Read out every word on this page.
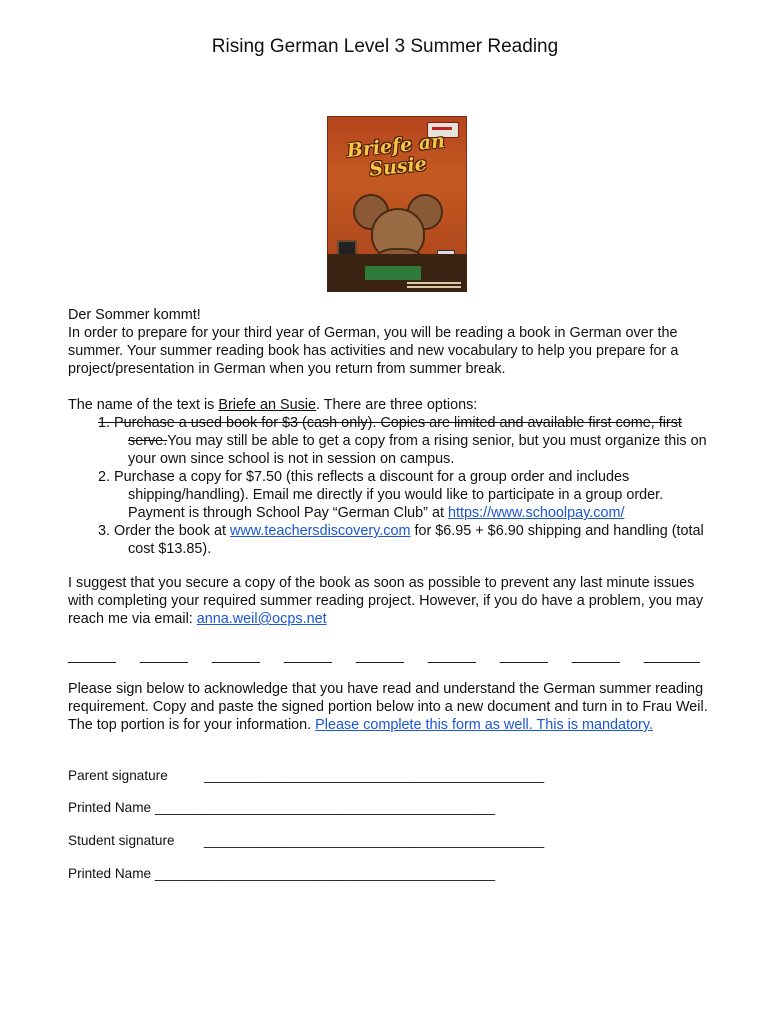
Rising German Level 3 Summer Reading
Briefe an Susie

Der Sommer kommt!

In order to prepare for your third year of German, you will be reading a book in German over the summer. Your summer reading book has activities and new vocabulary to help you prepare for a project/presentation in German when you return from summer break.

The name of the text is Briefe an Susie. There are three options:

1. Purchase a used book for $3 (cash only). Copies are limited and available first come, first serve.You may still be able to get a copy from a rising senior, but you must organize this on your own since school is not in session on campus.
2. Purchase a copy for $7.50 (this reflects a discount for a group order and includes shipping/handling). Email me directly if you would like to participate in a group order. Payment is through School Pay “German Club” at https://www.schoolpay.com/
3. Order the book at www.teachersdiscovery.com for $6.95 + $6.90 shipping and handling (total cost $13.85).

I suggest that you secure a copy of the book as soon as possible to prevent any last minute issues with completing your required summer reading project. However, if you do have a problem, you may reach me via email: anna.weil@ocps.net

______ ______ ______ ______ ______ ______ ______ ______ _______

Please sign below to acknowledge that you have read and understand the German summer reading requirement. Copy and paste the signed portion below into a new document and turn in to Frau Weil. The top portion is for your information. Please complete this form as well. This is mandatory.

Parent signature	_____________________________________________
Printed Name _____________________________________________
Student signature _____________________________________________
Printed Name _____________________________________________
